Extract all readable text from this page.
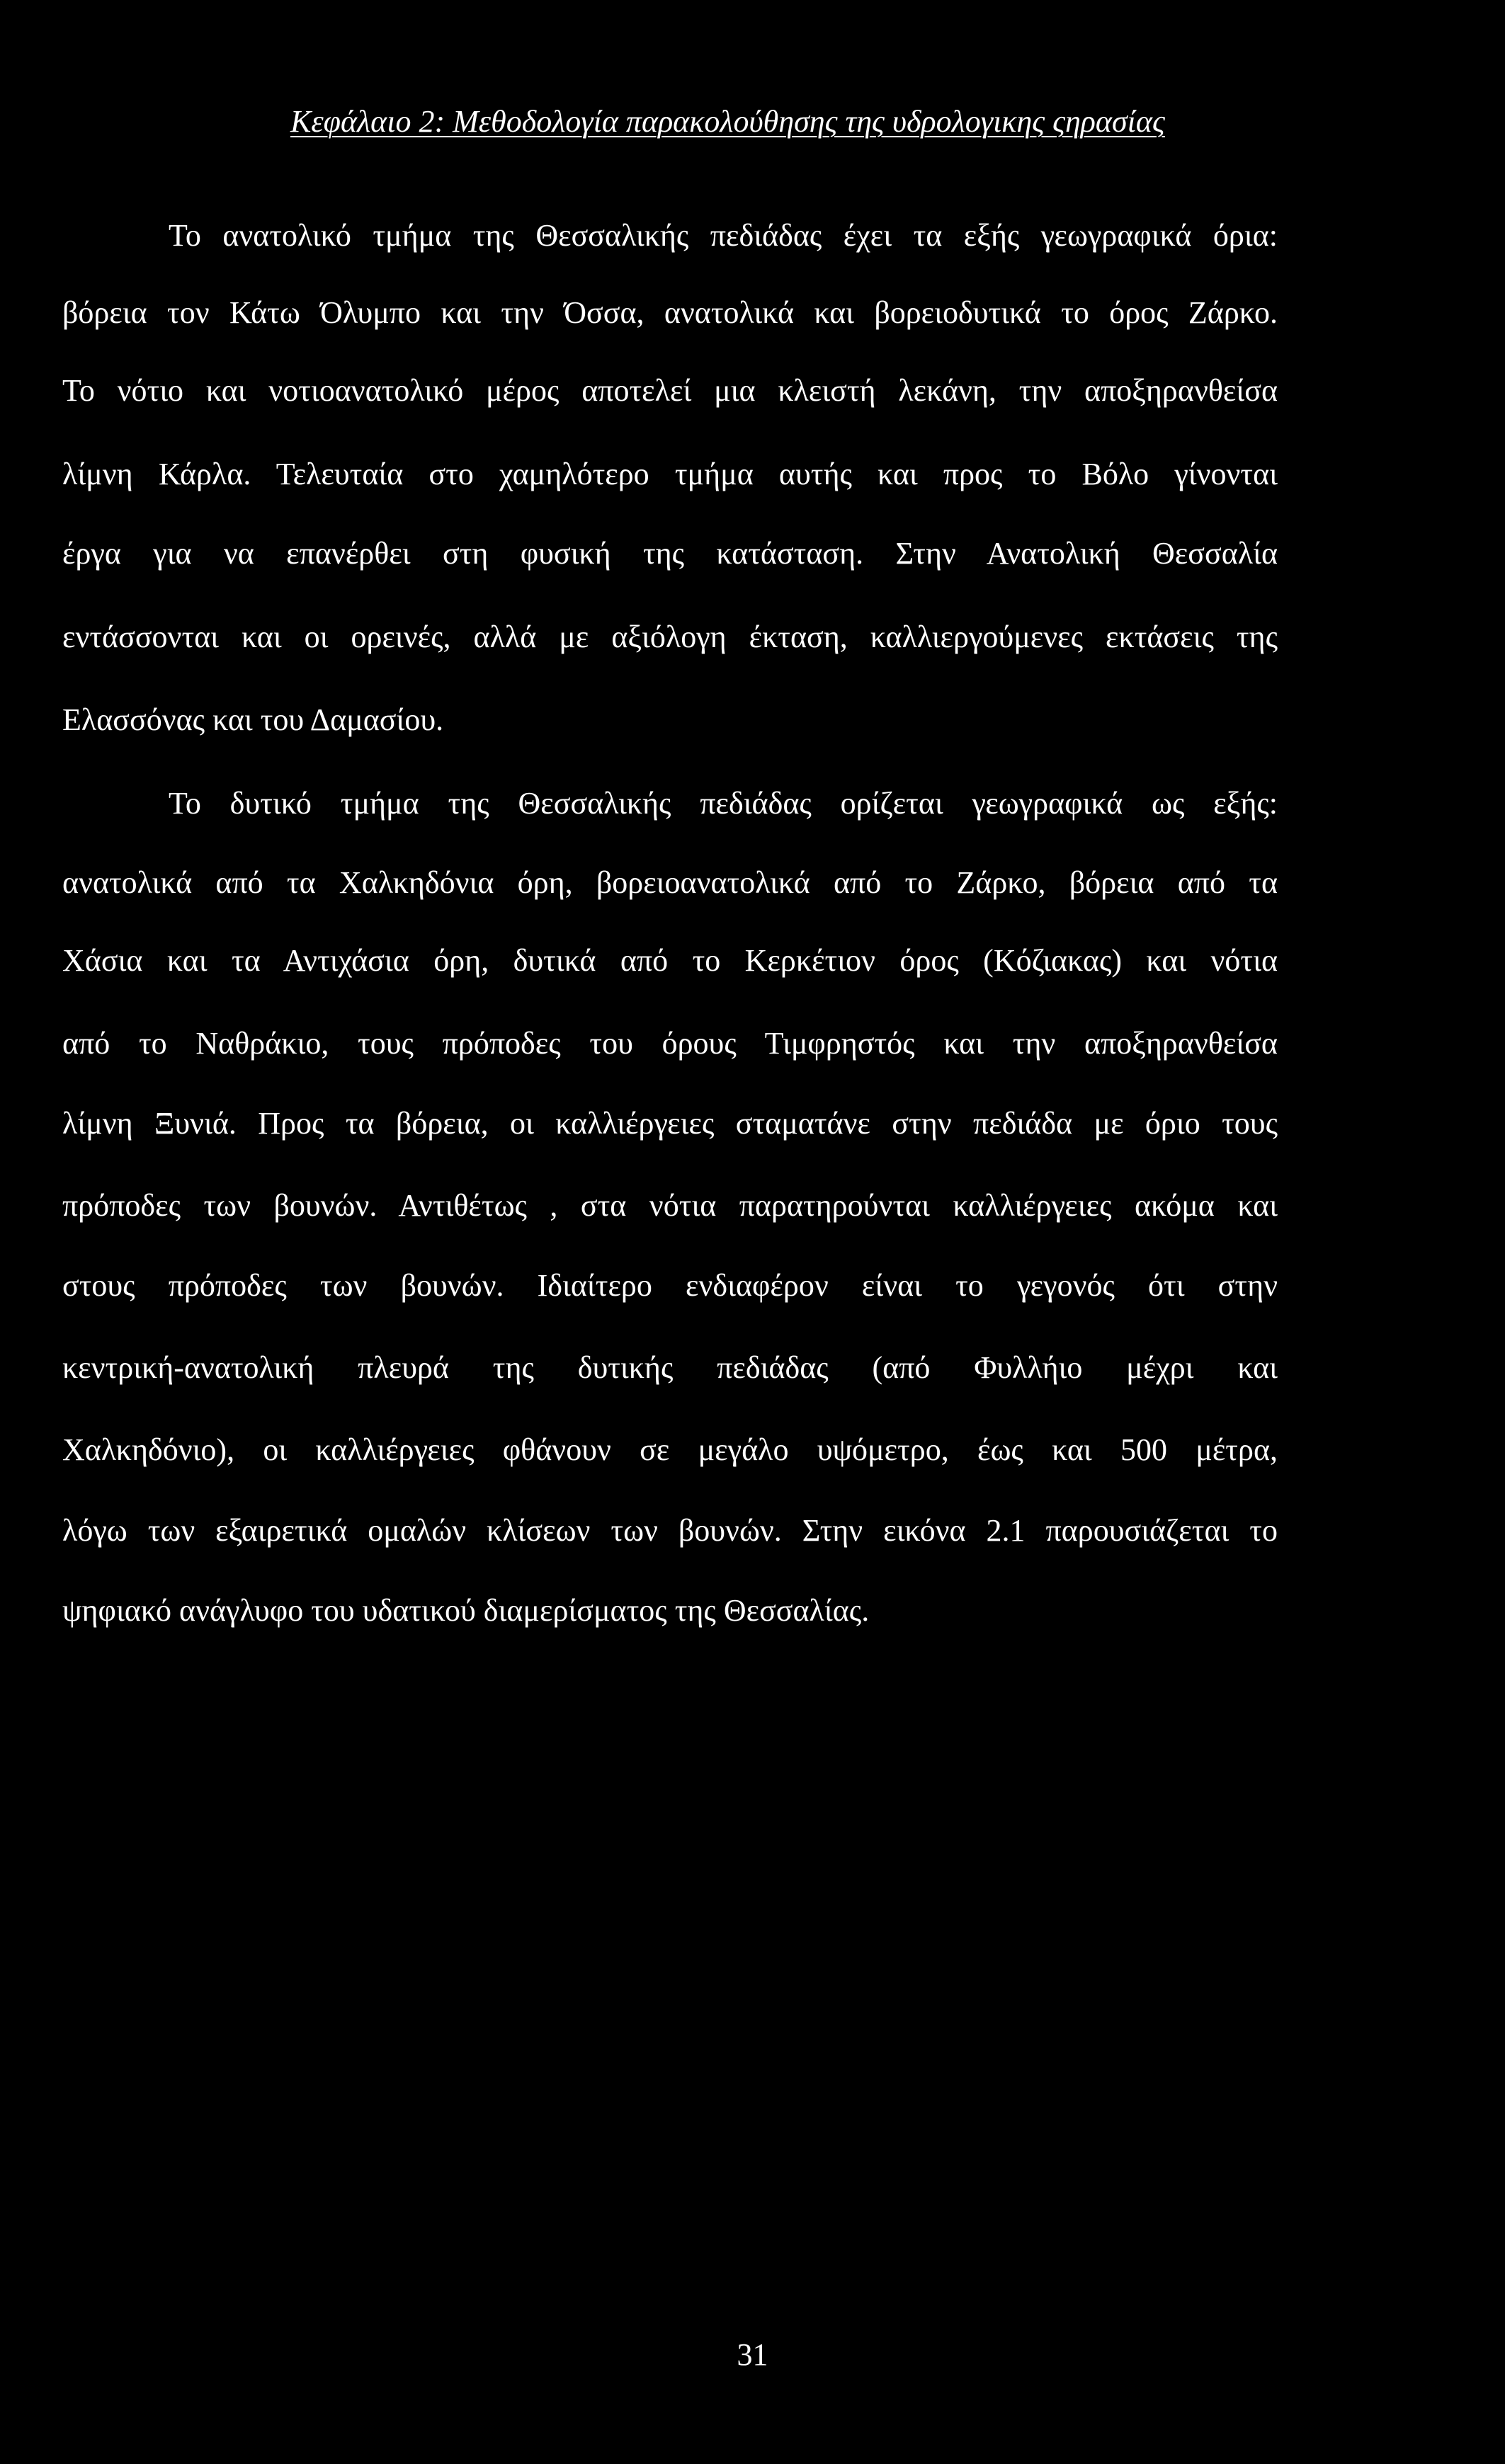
Κεφάλαιο 2: Μεθοδολογία παρακολούθησης της υδρολογικης ςηρασίας
Το ανατολικό τμήμα της Θεσσαλικής πεδιάδας έχει τα εξής γεωγραφικά όρια:
βόρεια τον Κάτω Όλυμπο και την Όσσα, ανατολικά και βορειοδυτικά το όρος Ζάρκο.
Το νότιο και νοτιοανατολικό μέρος αποτελεί μια κλειστή λεκάνη, την αποξηρανθείσα
λίμνη Κάρλα. Τελευταία στο χαμηλότερο τμήμα αυτής και προς το Βόλο γίνονται
έργα για να επανέρθει στη φυσική της κατάσταση. Στην Ανατολική Θεσσαλία
εντάσσονται και οι ορεινές, αλλά με αξιόλογη έκταση, καλλιεργούμενες εκτάσεις της
Ελασσόνας και του Δαμασίου.
Το δυτικό τμήμα της Θεσσαλικής πεδιάδας ορίζεται γεωγραφικά ως εξής:
ανατολικά από τα Χαλκηδόνια όρη, βορειοανατολικά από το Ζάρκο, βόρεια από τα
Χάσια και τα Αντιχάσια όρη, δυτικά από το Κερκέτιον όρος (Κόζιακας) και νότια
από το Ναθράκιο, τους πρόποδες του όρους Τιμφρηστός και την αποξηρανθείσα
λίμνη Ξυνιά. Προς τα βόρεια, οι καλλιέργειες σταματάνε στην πεδιάδα με όριο τους
πρόποδες των βουνών. Αντιθέτως , στα νότια παρατηρούνται καλλιέργειες ακόμα και
στους πρόποδες των βουνών. Ιδιαίτερο ενδιαφέρον είναι το γεγονός ότι στην
κεντρική-ανατολική πλευρά της δυτικής πεδιάδας (από Φυλλήιο μέχρι και
Χαλκηδόνιο), οι καλλιέργειες φθάνουν σε μεγάλο υψόμετρο, έως και 500 μέτρα,
λόγω των εξαιρετικά ομαλών κλίσεων των βουνών. Στην εικόνα 2.1 παρουσιάζεται το
ψηφιακό ανάγλυφο του υδατικού διαμερίσματος της Θεσσαλίας.
31
